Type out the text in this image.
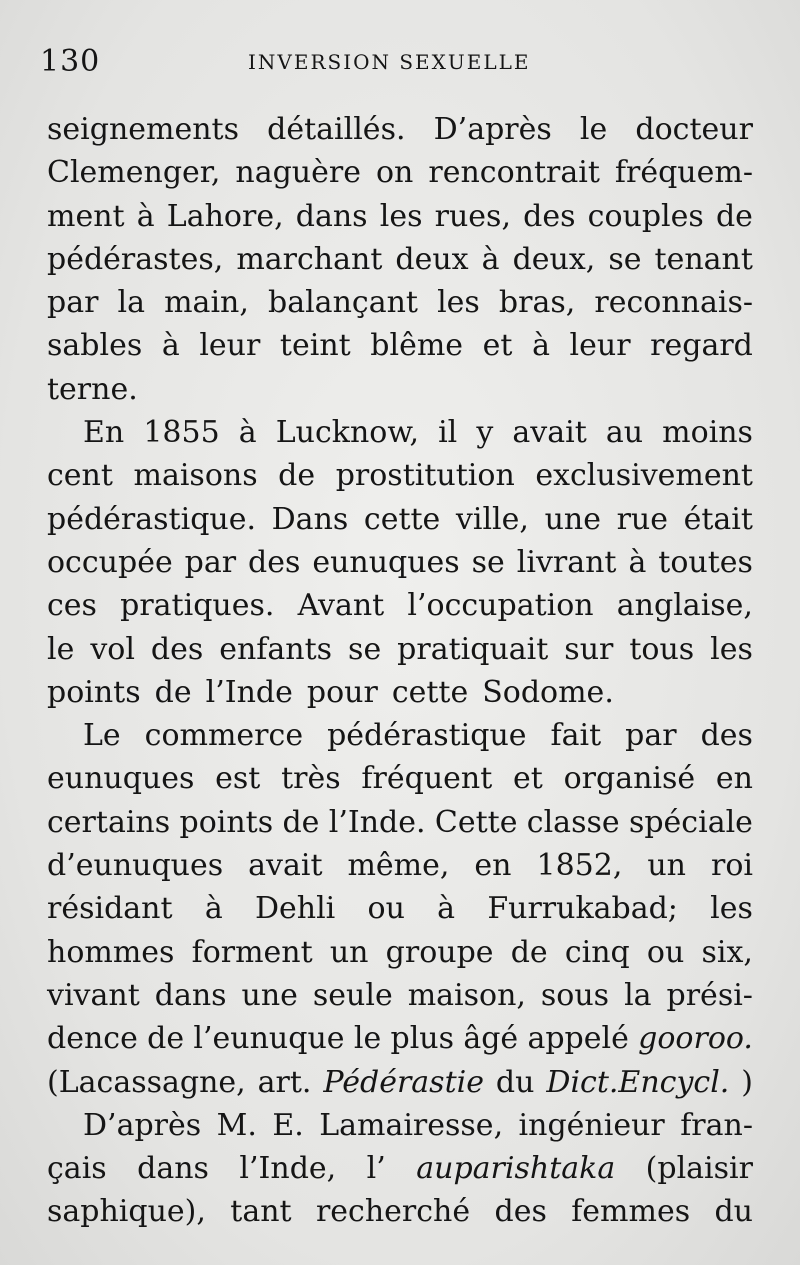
130	INVERSION SEXUELLE
seignements détaillés. D’après le docteur
Clemenger, naguère on rencontrait fréquem-
ment à Lahore, dans les rues, des couples de
pédérastes, marchant deux à deux, se tenant
par la main, balançant les bras, reconnais-
sables à leur teint blême et à leur regard
terne.
En 1855 à Lucknow, il y avait au moins
cent maisons de prostitution exclusivement
pédérastique. Dans cette ville, une rue était
occupée par des eunuques se livrant à toutes
ces pratiques. Avant l’occupation anglaise,
le vol des enfants se pratiquait sur tous les
points de l’Inde pour cette Sodome.
Le commerce pédérastique fait par des
eunuques est très fréquent et organisé en
certains points de l’Inde. Cette classe spéciale
d’eunuques avait même, en 1852, un roi
résidant à Dehli ou à Furrukabad; les
hommes forment un groupe de cinq ou six,
vivant dans une seule maison, sous la prési-
dence de l’eunuque le plus âgé appelé gooroo.
(Lacassagne, art. Pédérastie du Dict.Encycl. )
D’après M. E. Lamairesse, ingénieur fran-
çais dans l’Inde, l’ auparishtaka (plaisir
saphique), tant recherché des femmes du
